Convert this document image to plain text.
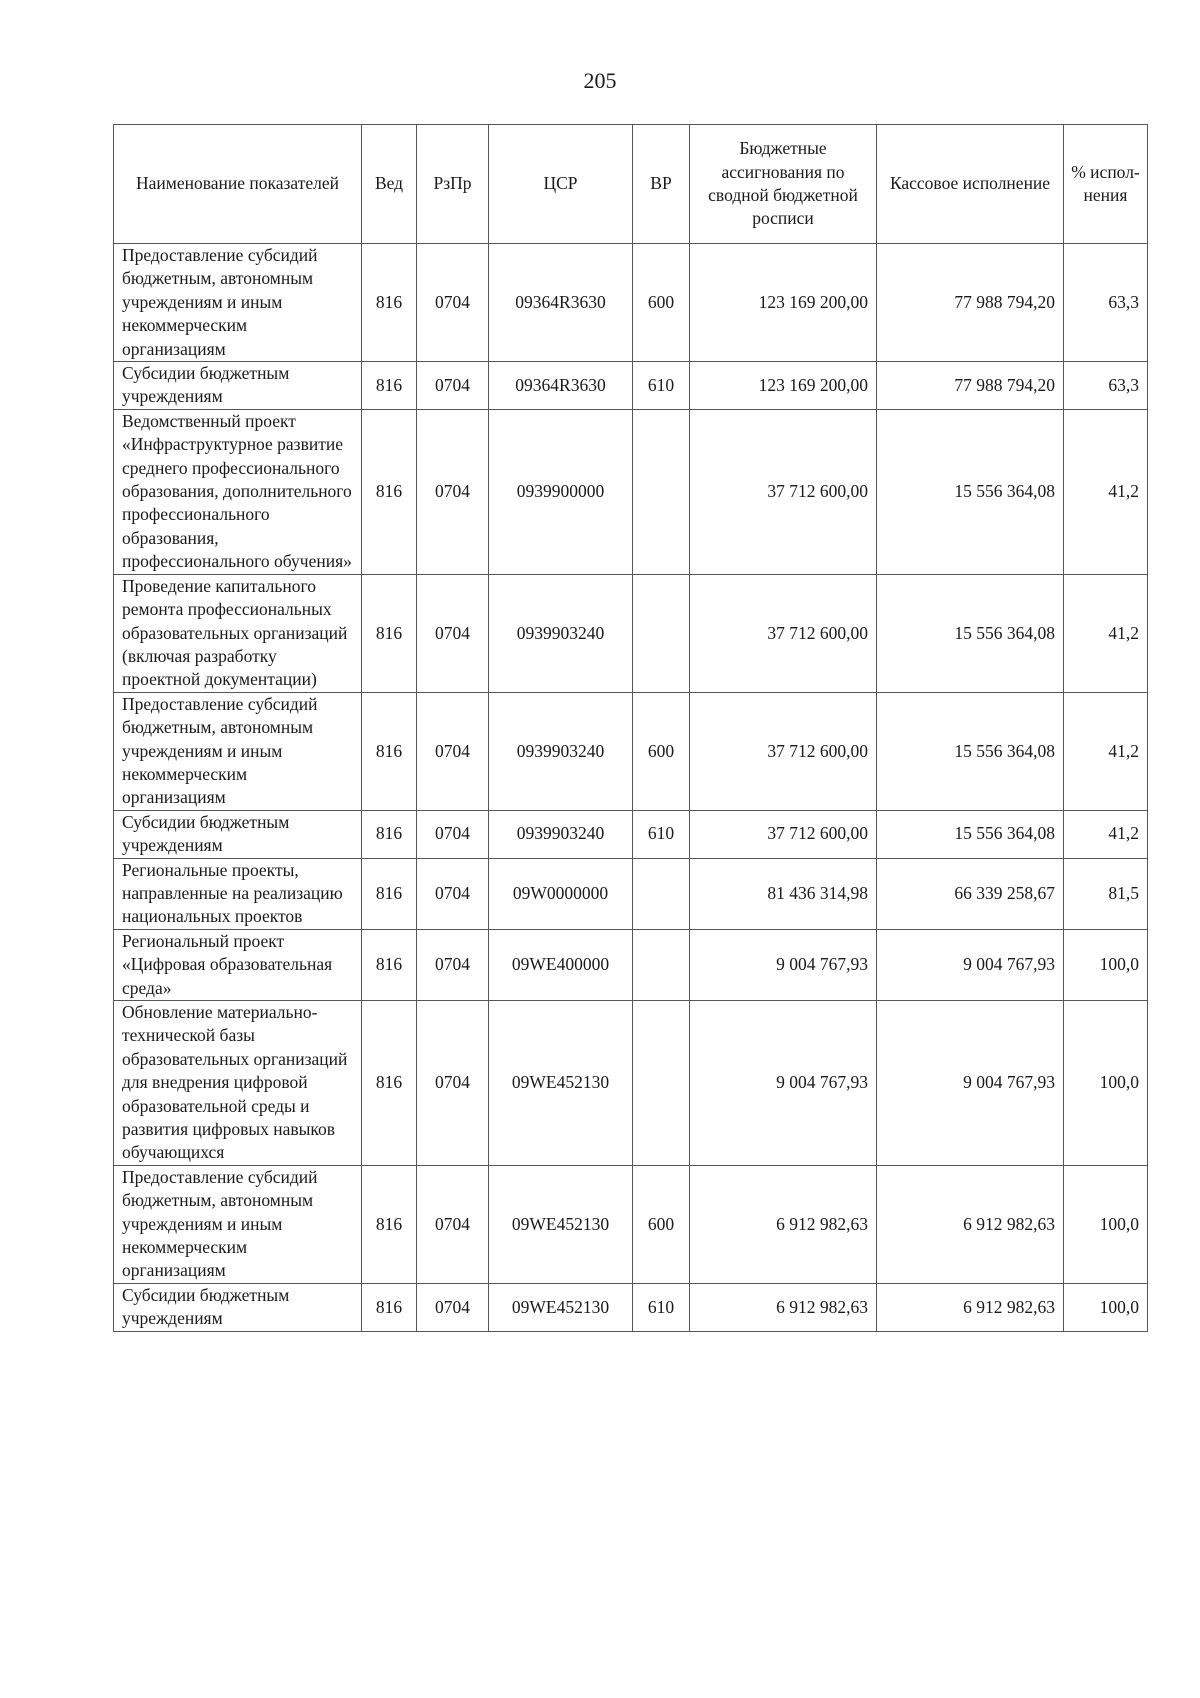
205
Наименование показателей	Вед	РзПр	ЦСР	ВР	Бюджетные ассигнования по сводной бюджетной росписи	Кассовое исполнение	% испол-нения
Предоставление субсидий бюджетным, автономным учреждениям и иным некоммерческим организациям	816	0704	09364R3630	600	123 169 200,00	77 988 794,20	63,3
Субсидии бюджетным учреждениям	816	0704	09364R3630	610	123 169 200,00	77 988 794,20	63,3
Ведомственный проект «Инфраструктурное развитие среднего профессионального образования, дополнительного профессионального образования, профессионального обучения»	816	0704	0939900000		37 712 600,00	15 556 364,08	41,2
Проведение капитального ремонта профессиональных образовательных организаций (включая разработку проектной документации)	816	0704	0939903240		37 712 600,00	15 556 364,08	41,2
Предоставление субсидий бюджетным, автономным учреждениям и иным некоммерческим организациям	816	0704	0939903240	600	37 712 600,00	15 556 364,08	41,2
Субсидии бюджетным учреждениям	816	0704	0939903240	610	37 712 600,00	15 556 364,08	41,2
Региональные проекты, направленные на реализацию национальных проектов	816	0704	09W0000000		81 436 314,98	66 339 258,67	81,5
Региональный проект «Цифровая образовательная среда»	816	0704	09WE400000		9 004 767,93	9 004 767,93	100,0
Обновление материально-технической базы образовательных организаций для внедрения цифровой образовательной среды и развития цифровых навыков обучающихся	816	0704	09WE452130		9 004 767,93	9 004 767,93	100,0
Предоставление субсидий бюджетным, автономным учреждениям и иным некоммерческим организациям	816	0704	09WE452130	600	6 912 982,63	6 912 982,63	100,0
Субсидии бюджетным учреждениям	816	0704	09WE452130	610	6 912 982,63	6 912 982,63	100,0
